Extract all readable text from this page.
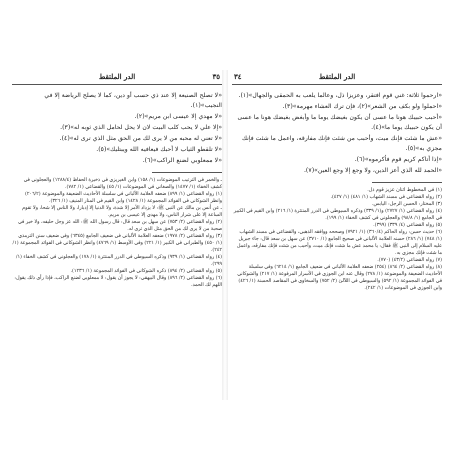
٣٥
الدر الملتقط

«لا تصلح الصنيعة إلا عند ذي حسب أو دين، كما لا يصلح الرياضة إلا في النجيب»(١).

«لا مهدي إلا عيسى ابن مريم»(٢).

«إلا علي لا يحب كلب البيت لان لا يحل لحامل الذي ثوبه له»(٣).

«لا تعني له محبه من لا يرى لك من الحق مثل الذي ترى له»(٤).

«لا تلقطو الثياب لا أحبك فيعافيه الله ويبتليك»(٥).

«لا ممعلوبي لضنع الراكب»(٦).

ـ والخمر في الترتيب الموضوعات (١/ ١٥٨) وابن الغيريزي في ذخيرة الحفاظ (١٢٨٨/٤) والعجلوني في كشف الخفاء (١/ ١٤٧٧) والصغاني في الموضوعات (١/ ٤٥) والقضاعي (١/ ٧٨٢).

١) رواه القضاعي (١/ ٨٩٩) ضعفه العلامة الألباني في سلسلة الأحاديث الضعيفة والموضوعة (٢٠٦/٢) وانظر الشوكاني في الفوائد المجموعة (١/ ١٤٢٨) وابن القيم في المنار المنيف (١/ ٣٢٦).

ـ عن أنس بن مالك عن النبي ﷺ: لا يزداد الأمر إلا شدة، ولا الدنيا إلا إدبارا، ولا الناس إلا شحا، ولا تقوم الساعة إلا على شرار الناس، ولا مهدي إلا عيسى بن مريم.

٢) رواه القضاعي (٢/ ٧٥٣) عن سهل بن سعد قال: قال رسول الله ﷺ: الله عز وجل حليفه، ولا خير في صحبة من لا يرى لك من الحق مثل الذي ترى له.

٣) رواه القضاعي (٢/ ١٩٧٨) ضعفه العلامة الألباني في ضعيف الجامع (٦٣٤٥) وفي ضعيف سنن الترمذي ١/ ٤٥٠) والطبراني في الكبير (١/ ٢٢١) وفي الأوسط (١/ ٤٧٦٩) وانظر الشوكاني في الفوائد المجموعة (١/ ٢٤٢).

٤) رواه القضاعي (١/ ٩٣٩) وذكره السيوطي في الدرر المنتثرة (١/ ١٧٨) والعجلوني في كشف الخفاء (١/ ٢٩٩).

٥) رواه القضاعي (٢/ ٨٩٤) ذكره الشوكاني في الفوائد المجموعة (١/ ١٢٣٦).

٦) رواه القضاعي (٢/ ٨٩٦) وقال البيهقي: لا يجوز أن يقول: لا ممعلوبي لضنع الراكب، فإذا رأى ذلك يقول: اللهم لك الحمد.

٣٤	الدر الملتقط

«ارحموا ثلاثة: غني قوم افتقر، وعزيزا ذل، وعالما يلعب به الحمقى والجهال»(١).

«احملوا ولو بكف من الشعر»(٢)، فإن ترك العشاء مهرمة»(٣).

«أحبب حبيبك هونا ما عسى أن يكون بغيضك يوما ما وأبغض بغيضك هونا ما عسى أن يكون حبيبك يوما ما»(٤).

«عش ما شئت فإنك ميت، وأحبب من شئت فإنك مفارقه، واعمل ما شئت فإنك مجزي به»(٥).

«إذا أتاكم كريم قوم فأكرموه»(٦).

«الحمد لله الذي أعز الدين، ولا وجع إلا وجع العين»(٧).

(١) في المخطوط اثنان عزيز قوم ذل.

(٢) رواه القضاعي في مسند الشهاب (١/ ٤٨١) (١/ ٤٢٧).

(٣) المختار: الحسن الرجل: اليابس.

(٤) رواه القضاعي (١/ ٢٧٢٧) و(١/ ٣٣٩) وذكره السيوطي في الدرر المنتثرة (١/ ٢١٦) وابن القيم في الكبير في الجامع (١/ ٩٨/٨) والعجلوني في كشف الخفاء (١/ ١٩٩).

(٥) رواه القضاعي (٤/ ٣٣٩) (٣٩٩).

(٦) حديث حسن: رواه الحاكم (٣٦٠/٤) (١/ ٧٩٢١) وصححه ووافقه الذهبي، والقضاعي في مسند الشهاب (١/ ٧٤٨) (١/ ٢٨٦) حسنه العلامة الألباني في صحيح الجامع (١/ ٣٧١٠) عن سهل بن سعد قال: جاء جبريل عليه السلام إلى النبي ﷺ فقال: يا محمد عش ما شئت فإنك ميت، وأحبب من شئت فإنك مفارقه، واعمل ما شئت فإنك مجزي به.

(٧) رواه القضاعي (٤٣/٢) (٧٧٠).

(٨) رواه القضاعي (٢/ ٨٦٤) (٢٥٤) ضعفه العلامة الألباني في ضعيف الجامع (١/ ٦٢١٤) وفي سلسلة الأحاديث الضعيفة والموضوعة (١/ ٢٧٨) وقال عنه ابن الجوزي في الأسرار المرفوعة (١/ ٢١٧) والشوكاني في الفوائد المجموعة (١/ ٥٩٢) والسيوطي في اللآلئ (٢/ ٧٥٢) والسخاوي في المقاصد الحسنة (١/ ٤٢٦) وابن الجوزي في الموضوعات (١/ ٢٤٢).
